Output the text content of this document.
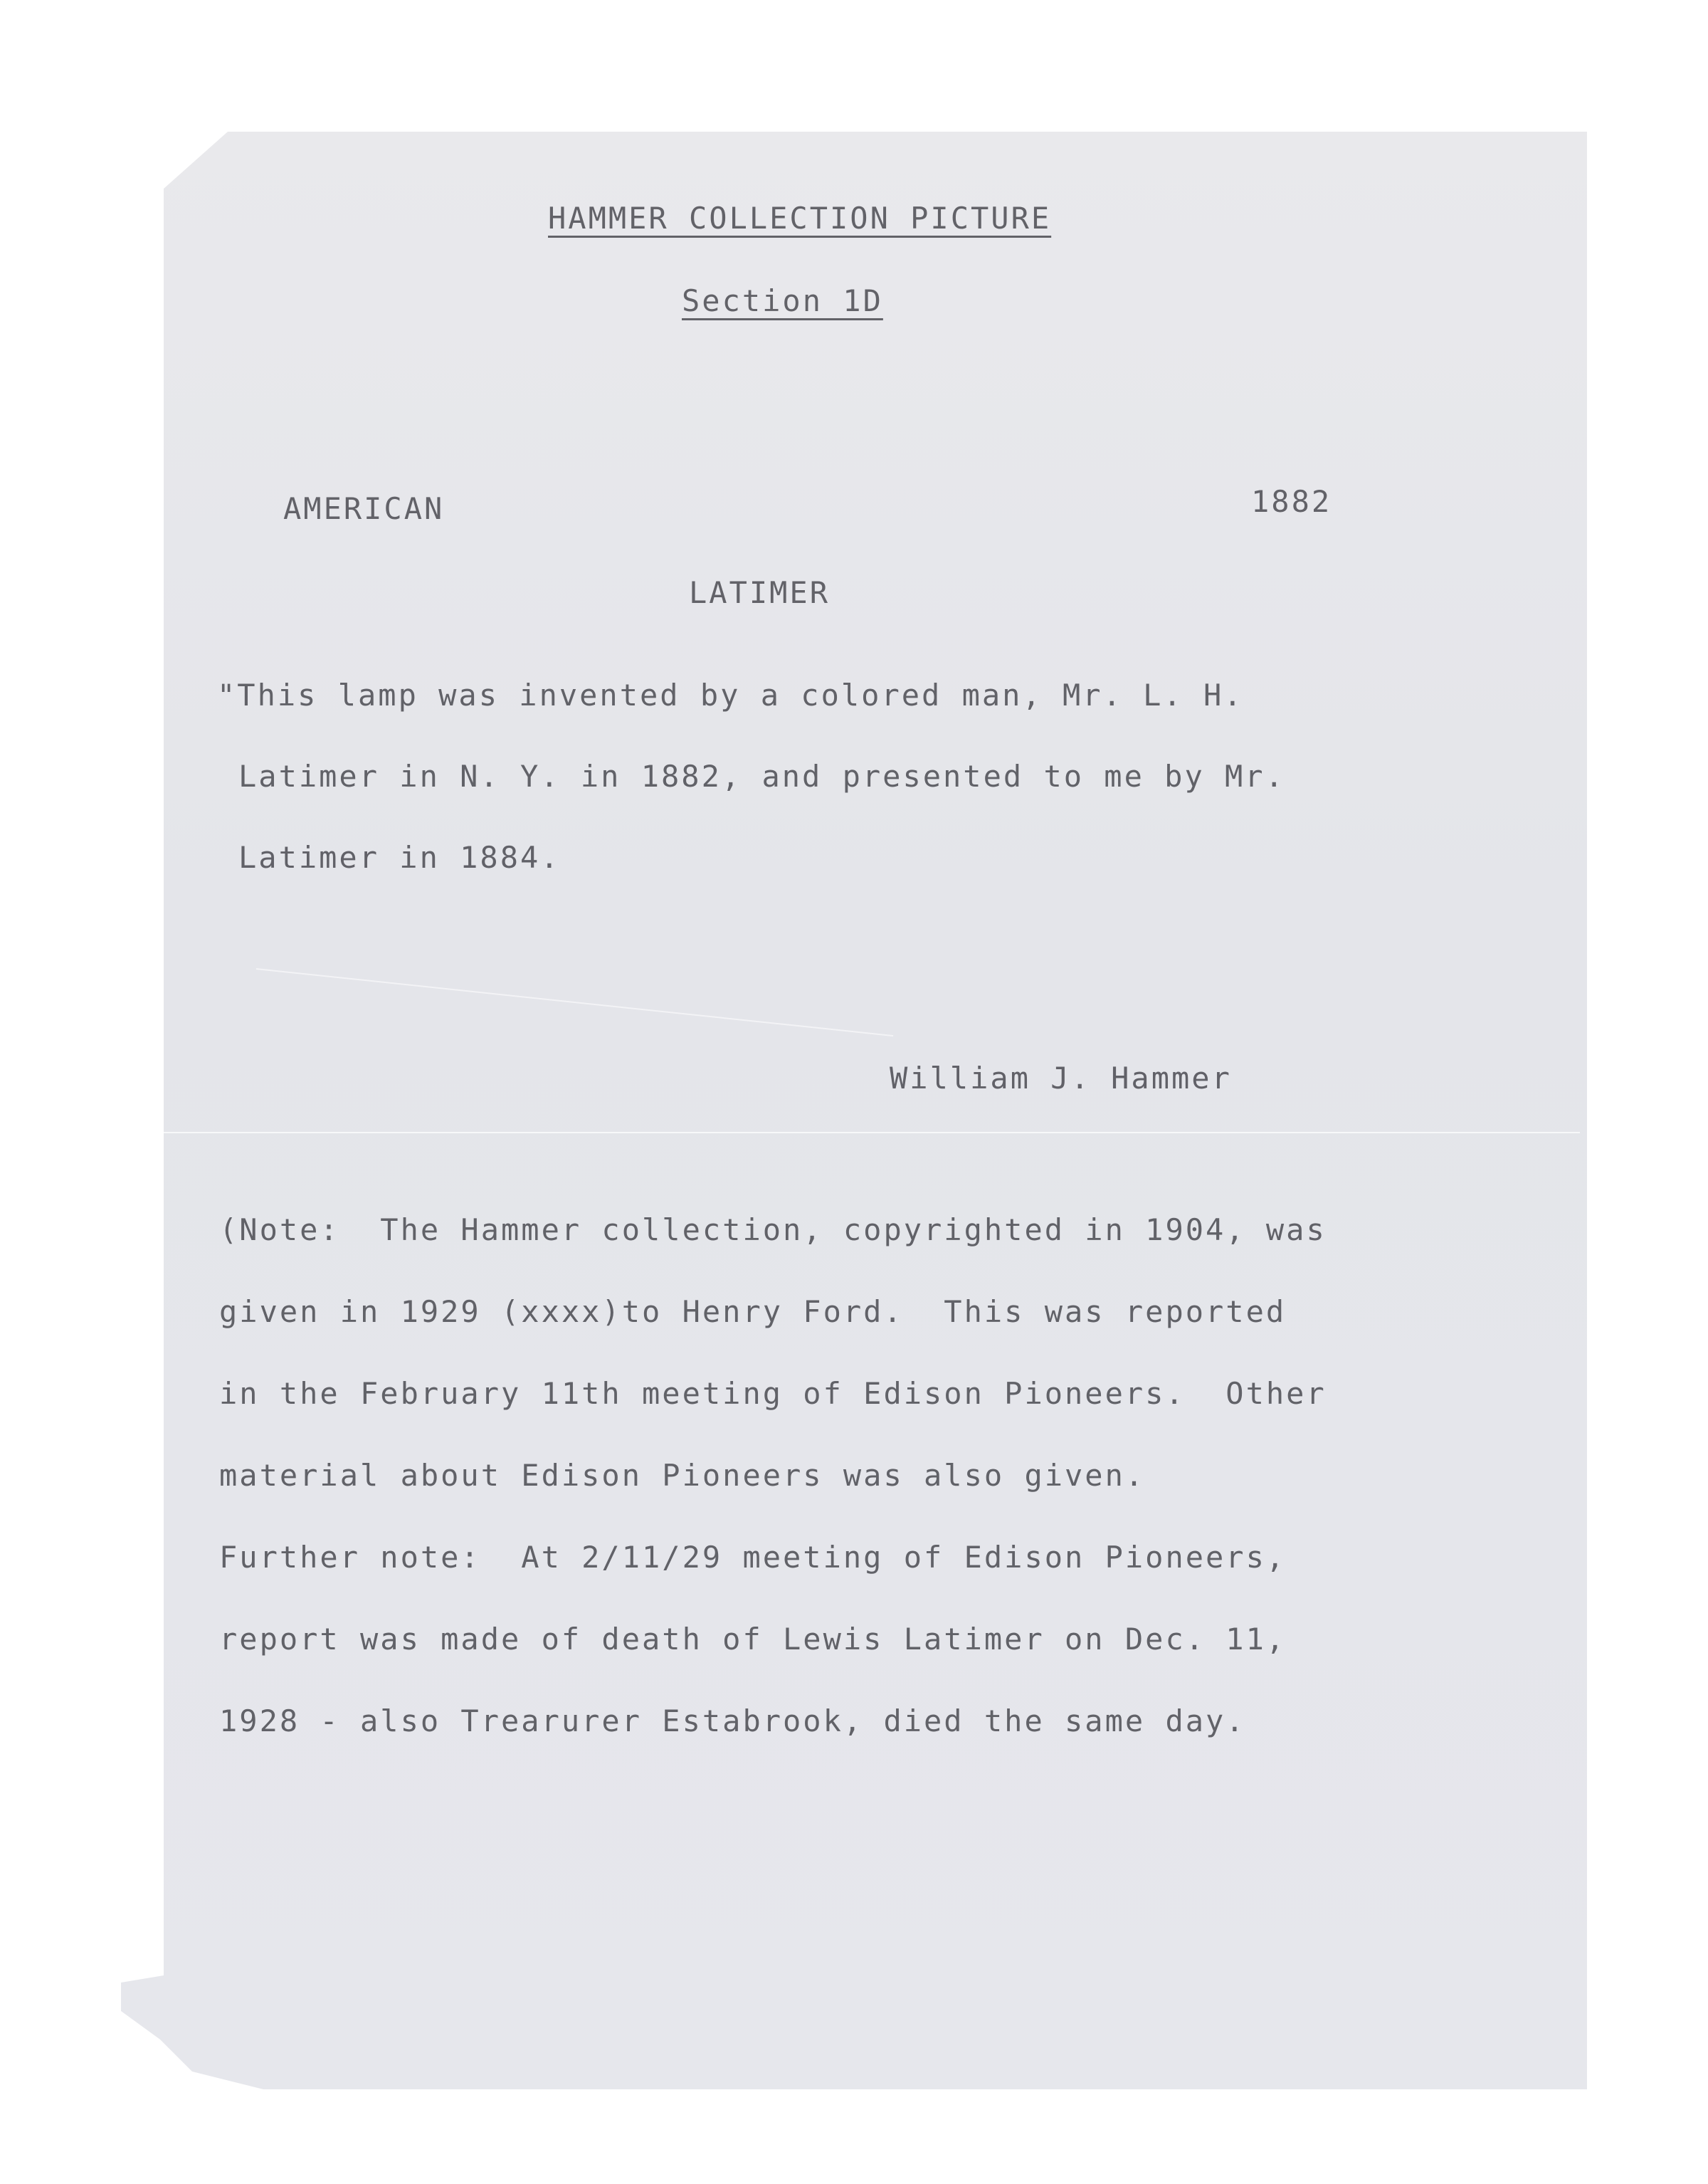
HAMMER COLLECTION PICTURE
Section 1D
AMERICAN	1882
LATIMER
"This lamp was invented by a colored man, Mr. L. H.
Latimer in N. Y. in 1882, and presented to me by Mr.
Latimer in 1884.
William J. Hammer
(Note:  The Hammer collection, copyrighted in 1904, was
given in 1929 (xxxx)to Henry Ford.  This was reported
in the February 11th meeting of Edison Pioneers.  Other
material about Edison Pioneers was also given.
Further note:  At 2/11/29 meeting of Edison Pioneers,
report was made of death of Lewis Latimer on Dec. 11,
1928 - also Trearurer Estabrook, died the same day.
